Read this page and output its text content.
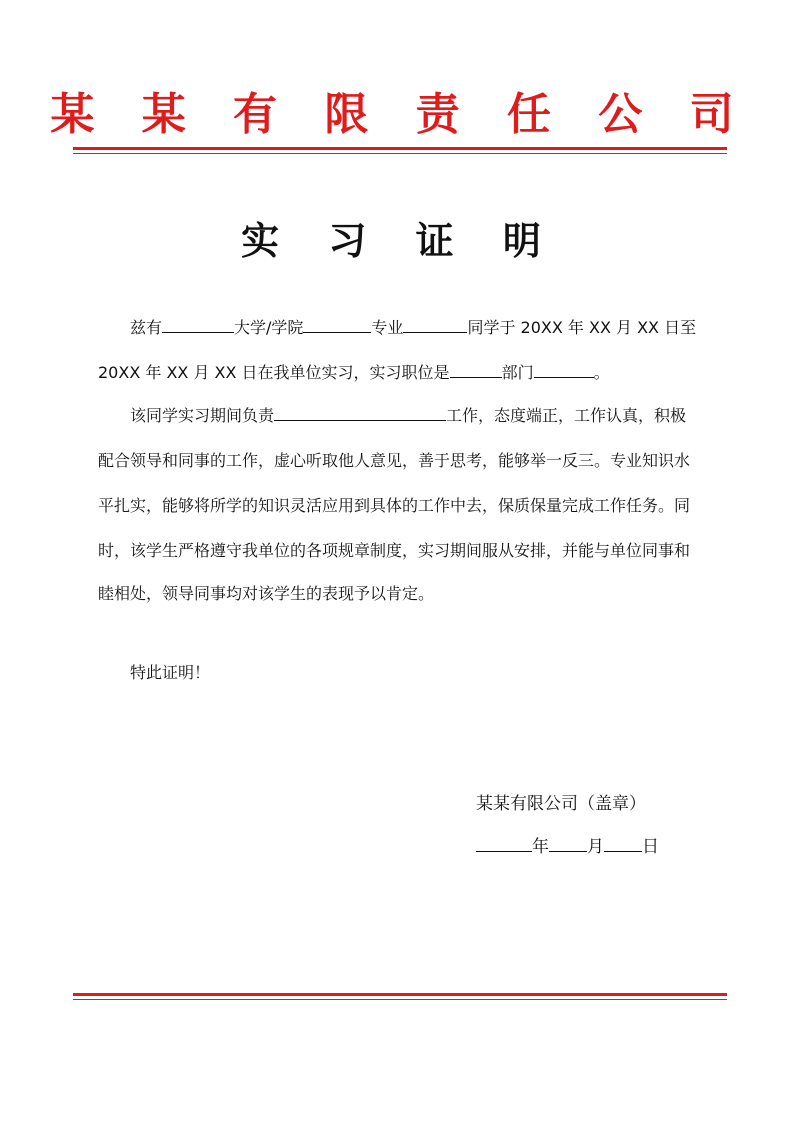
某 某 有 限 责 任 公 司
实 习 证 明
兹有	大学/学院	专业	同学于 20XX 年 XX 月 XX 日至
20XX 年 XX 月 XX 日在我单位实习，实习职位是	部门	。
该同学实习期间负责	工作，态度端正，工作认真，积极
配合领导和同事的工作，虚心听取他人意见，善于思考，能够举一反三。专业知识水
平扎实，能够将所学的知识灵活应用到具体的工作中去，保质保量完成工作任务。同
时，该学生严格遵守我单位的各项规章制度，实习期间服从安排，并能与单位同事和
睦相处，领导同事均对该学生的表现予以肯定。
特此证明！
某某有限公司（盖章）
年 月 日
